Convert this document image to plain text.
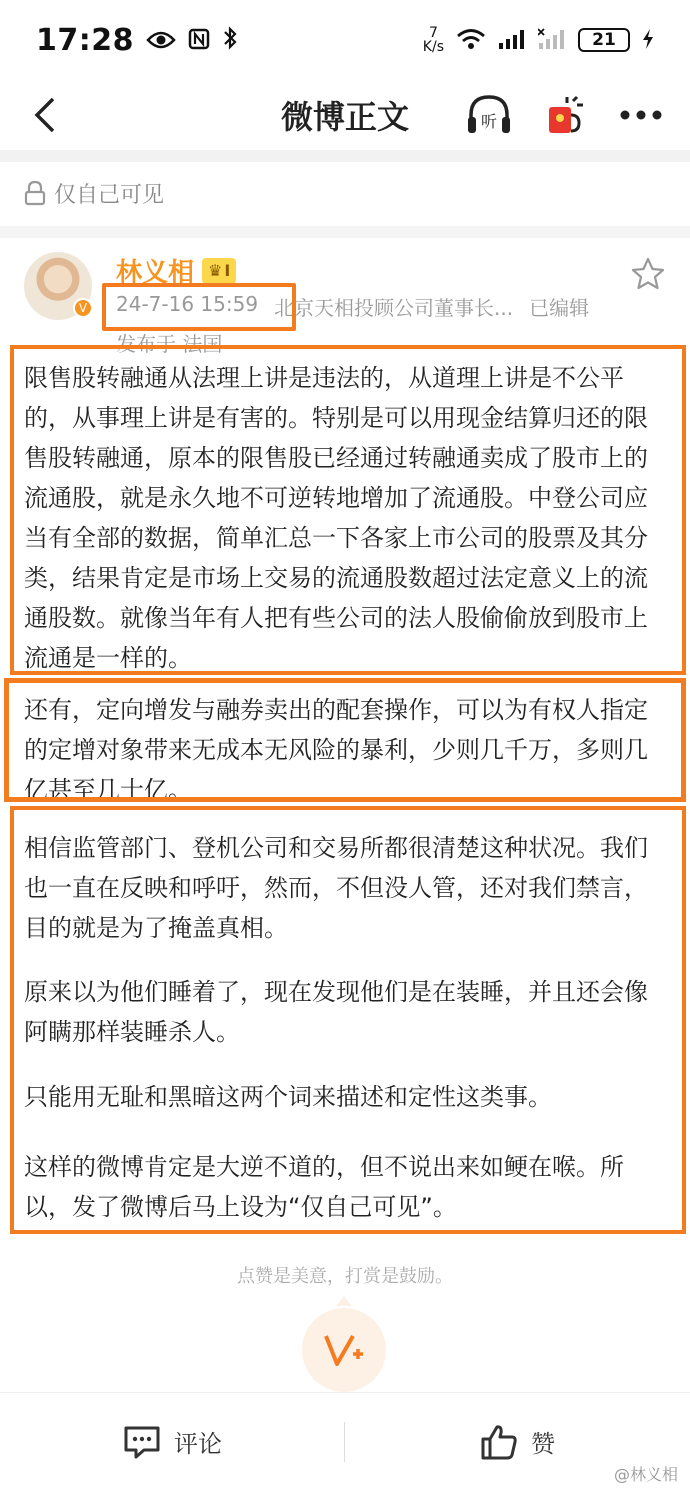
17:28	7
K/s	21
微博正文	听
仅自己可见
V
林义相 ♛ I
24-7-16 15:59 北京天相投顾公司董事长... 已编辑
发布于 法国

限售股转融通从法理上讲是违法的，从道理上讲是不公平的，从事理上讲是有害的。特别是可以用现金结算归还的限售股转融通，原本的限售股已经通过转融通卖成了股市上的流通股，就是永久地不可逆转地增加了流通股。中登公司应当有全部的数据，简单汇总一下各家上市公司的股票及其分类，结果肯定是市场上交易的流通股数超过法定意义上的流通股数。就像当年有人把有些公司的法人股偷偷放到股市上流通是一样的。

还有，定向增发与融券卖出的配套操作，可以为有权人指定的定增对象带来无成本无风险的暴利，少则几千万，多则几亿甚至几十亿。

相信监管部门、登机公司和交易所都很清楚这种状况。我们也一直在反映和呼吁，然而，不但没人管，还对我们禁言，目的就是为了掩盖真相。

原来以为他们睡着了，现在发现他们是在装睡，并且还会像阿瞒那样装睡杀人。

只能用无耻和黑暗这两个词来描述和定性这类事。

这样的微博肯定是大逆不道的，但不说出来如鲠在喉。所以，发了微博后马上设为“仅自己可见”。

点赞是美意，打赏是鼓励。
评论	赞
@林义相
